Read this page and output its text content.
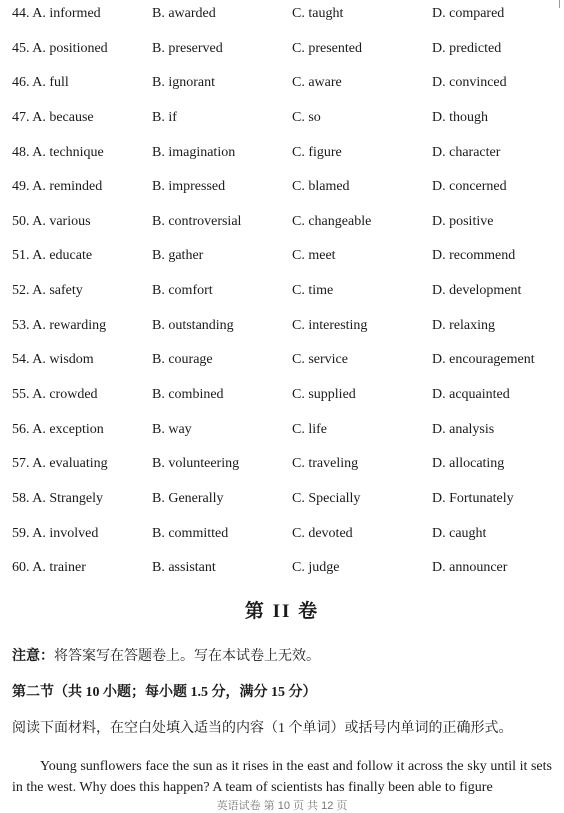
44. A. informed	B. awarded	C. taught	D. compared
45. A. positioned	B. preserved	C. presented	D. predicted
46. A. full	B. ignorant	C. aware	D. convinced
47. A. because	B. if	C. so	D. though
48. A. technique	B. imagination	C. figure	D. character
49. A. reminded	B. impressed	C. blamed	D. concerned
50. A. various	B. controversial	C. changeable	D. positive
51. A. educate	B. gather	C. meet	D. recommend
52. A. safety	B. comfort	C. time	D. development
53. A. rewarding	B. outstanding	C. interesting	D. relaxing
54. A. wisdom	B. courage	C. service	D. encouragement
55. A. crowded	B. combined	C. supplied	D. acquainted
56. A. exception	B. way	C. life	D. analysis
57. A. evaluating	B. volunteering	C. traveling	D. allocating
58. A. Strangely	B. Generally	C. Specially	D. Fortunately
59. A. involved	B. committed	C. devoted	D. caught
60. A. trainer	B. assistant	C. judge	D. announcer
第 II 卷
注意：将答案写在答题卷上。写在本试卷上无效。
第二节（共 10 小题；每小题 1.5 分，满分 15 分）
阅读下面材料，在空白处填入适当的内容（1 个单词）或括号内单词的正确形式。
Young sunflowers face the sun as it rises in the east and follow it across the sky until it sets in the west. Why does this happen? A team of scientists has finally been able to figure
英语试卷 第 10 页 共 12 页
